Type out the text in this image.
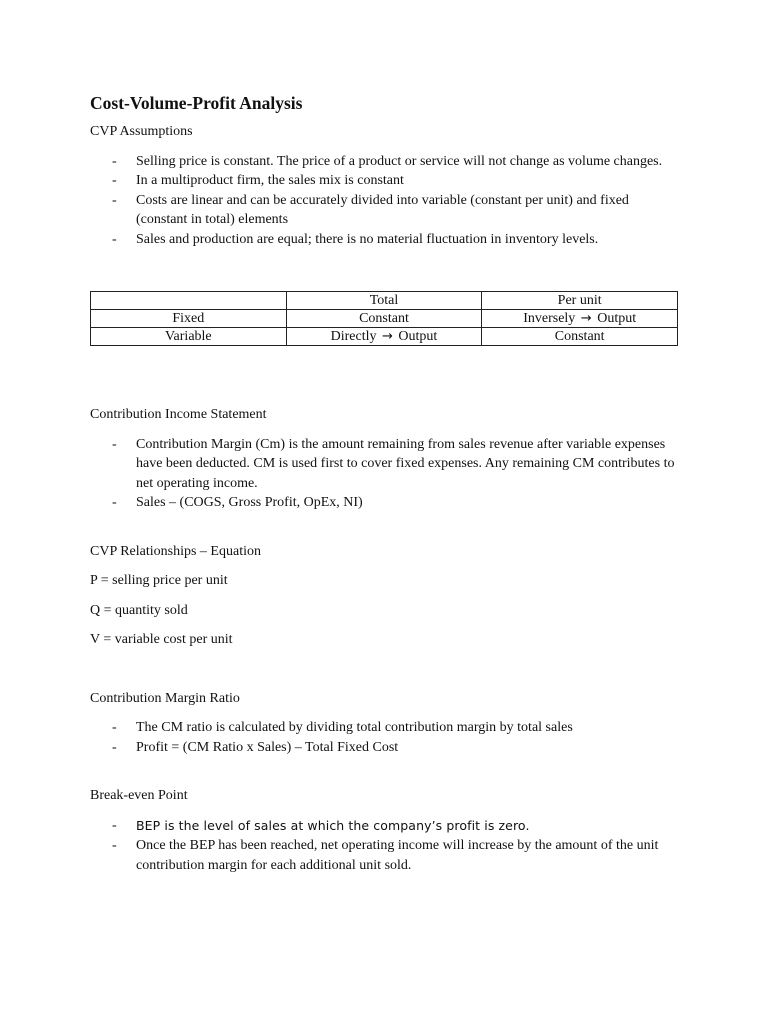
Cost-Volume-Profit Analysis

CVP Assumptions

- Selling price is constant. The price of a product or service will not change as volume changes.
- In a multiproduct firm, the sales mix is constant
- Costs are linear and can be accurately divided into variable (constant per unit) and fixed (constant in total) elements
- Sales and production are equal; there is no material fluctuation in inventory levels.
	Total	Per unit
Fixed	Constant	Inversely → Output
Variable	Directly → Output	Constant

Contribution Income Statement

- Contribution Margin (Cm) is the amount remaining from sales revenue after variable expenses have been deducted. CM is used first to cover fixed expenses. Any remaining CM contributes to net operating income.
- Sales – (COGS, Gross Profit, OpEx, NI)

CVP Relationships – Equation

P = selling price per unit

Q = quantity sold

V = variable cost per unit

Contribution Margin Ratio

- The CM ratio is calculated by dividing total contribution margin by total sales
- Profit = (CM Ratio x Sales) – Total Fixed Cost

Break-even Point

- BEP is the level of sales at which the company’s profit is zero.
- Once the BEP has been reached, net operating income will increase by the amount of the unit contribution margin for each additional unit sold.
